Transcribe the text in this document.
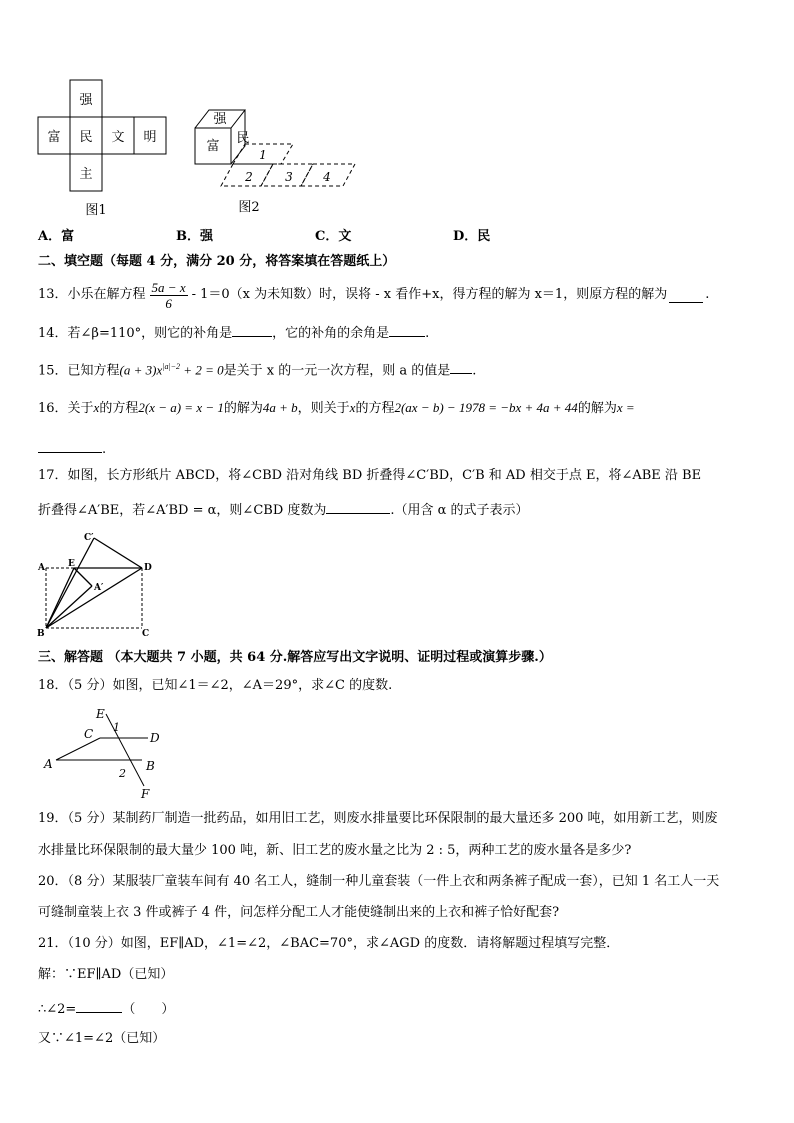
强
富 民 文 明
主
图1
强
富
民
1
2	3	4
图2
A．富	B．强	C．文	D．民
二、填空题（每题 4 分，满分 20 分，将答案填在答题纸上）
13．小乐在解方程 $\frac{5a - x}{6} - 1=0(x$ 为未知数）时，误将 - x 看作+x，得方程的解为 x＝1，则原方程的解为	.
14．若∠β=110°，则它的补角是	，它的补角的余角是	.
15．已知方程$(a + 3)x^{|a|-2} + 2 = 0$是关于 x 的一元一次方程，则 a 的值是 .
16．关于x的方程2(x − a) = x − 1的解为4a + b，则关于x的方程2(ax − b) − 1978 = −bx + 4a + 44的解为x =
.
17．如图，长方形纸片 ABCD，将∠CBD 沿对角线 BD 折叠得∠C′BD，C′B 和 AD 相交于点 E，将∠ABE 沿 BE
折叠得∠A′BE，若∠A′BD = α，则∠CBD 度数为	.（用含 α 的式子表示）
C′
A	E	D
A′
B	C
三、解答题 （本大题共 7 小题，共 64 分.解答应写出文字说明、证明过程或演算步骤.）
18．（5 分）如图，已知∠1＝∠2，∠A＝29°，求∠C 的度数.
E
C 1
D
A	B
2
F
19．（5 分）某制药厂制造一批药品，如用旧工艺，则废水排量要比环保限制的最大量还多 200 吨，如用新工艺，则废
水排量比环保限制的最大量少 100 吨，新、旧工艺的废水量之比为 2 : 5，两种工艺的废水量各是多少?
20．（8 分）某服装厂童装车间有 40 名工人，缝制一种儿童套装（一件上衣和两条裤子配成一套），已知 1 名工人一天
可缝制童装上衣 3 件或裤子 4 件，问怎样分配工人才能使缝制出来的上衣和裤子恰好配套?
21．（10 分）如图，EF∥AD，∠1=∠2，∠BAC=70°，求∠AGD 的度数．请将解题过程填写完整．
解：∵EF∥AD（已知）
∴∠2=	（　　）
又∵∠1=∠2（已知）
